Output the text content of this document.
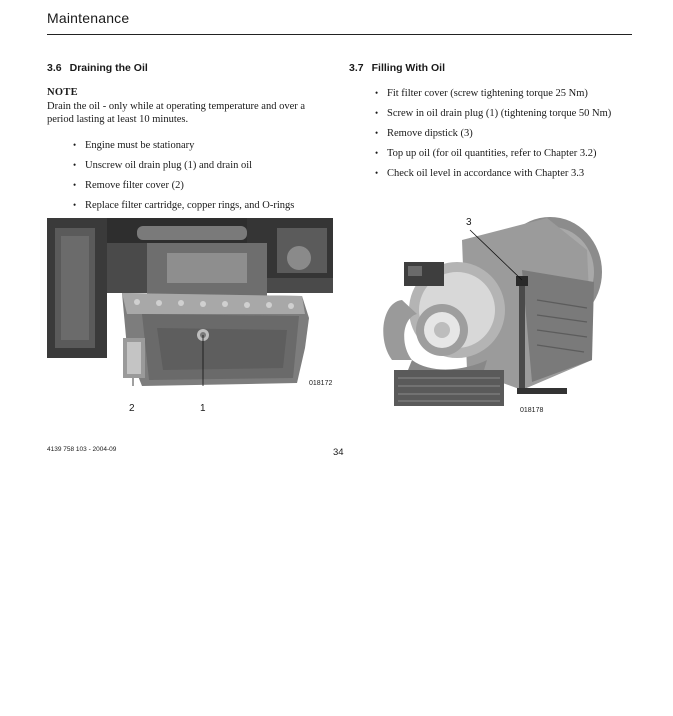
Maintenance
3.6 Draining the Oil
NOTE
Drain the oil - only while at operating temperature and over a period lasting at least 10 minutes.
• Engine must be stationary
• Unscrew oil drain plug (1) and drain oil
• Remove filter cover (2)
• Replace filter cartridge, copper rings, and O-rings
018172
2	1
3.7 Filling With Oil
• Fit filter cover (screw tightening torque 25 Nm)
• Screw in oil drain plug (1) (tightening torque 50 Nm)
• Remove dipstick (3)
• Top up oil (for oil quantities, refer to Chapter 3.2)
• Check oil level in accordance with Chapter 3.3
018178
3
4139 758 103 - 2004-09	34
